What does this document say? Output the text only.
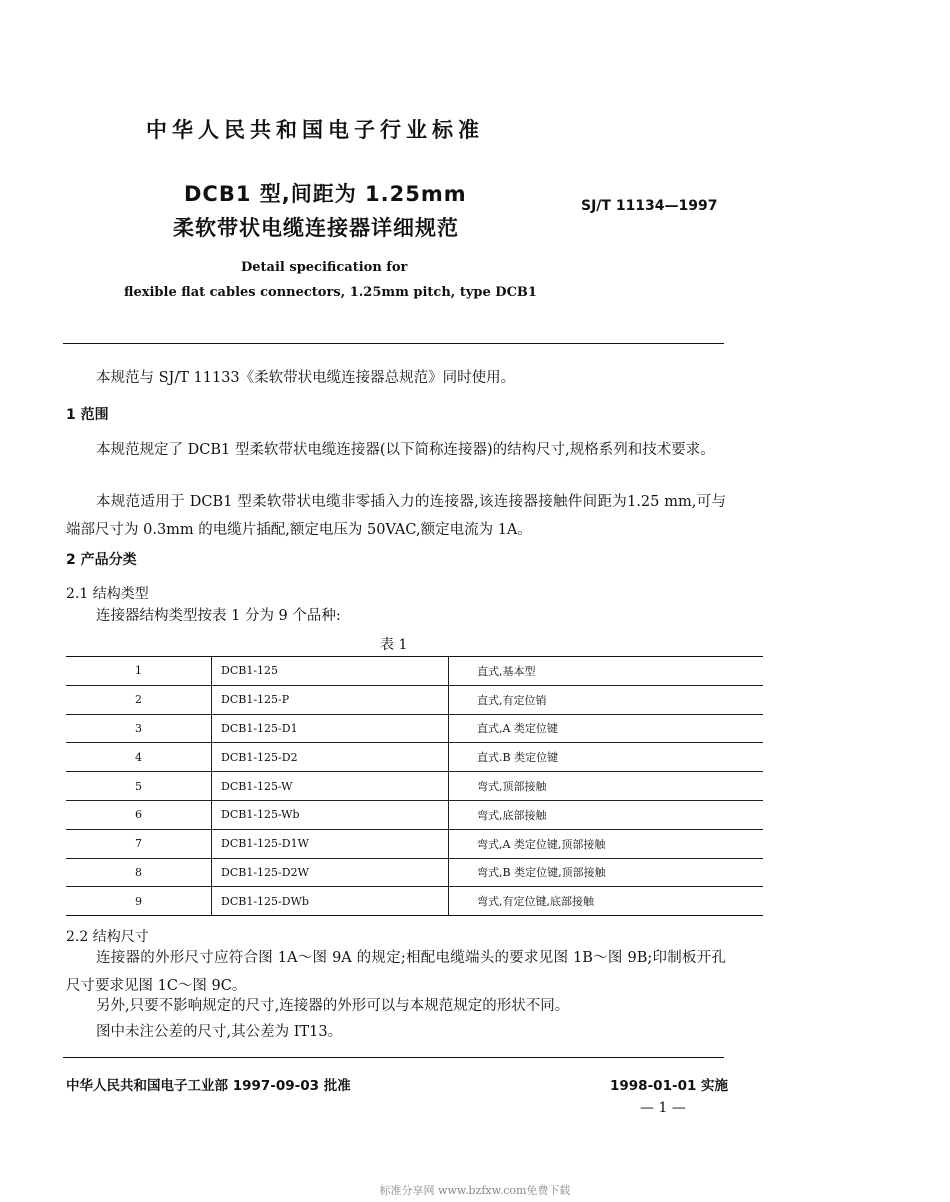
中华人民共和国电子行业标准
DCB1 型,间距为 1.25mm
柔软带状电缆连接器详细规范
SJ/T 11134—1997
Detail specification for
flexible flat cables connectors, 1.25mm pitch, type DCB1
本规范与 SJ/T 11133《柔软带状电缆连接器总规范》同时使用。
1 范围
本规范规定了 DCB1 型柔软带状电缆连接器(以下简称连接器)的结构尺寸,规格系列和技术要求。
本规范适用于 DCB1 型柔软带状电缆非零插入力的连接器,该连接器接触件间距为1.25 mm,可与端部尺寸为 0.3mm 的电缆片插配,额定电压为 50VAC,额定电流为 1A。
2 产品分类
2.1 结构类型
连接器结构类型按表 1 分为 9 个品种:
表 1
1	DCB1-125	直式,基本型
2	DCB1-125-P	直式,有定位销
3	DCB1-125-D1	直式,A 类定位键
4	DCB1-125-D2	直式.B 类定位键
5	DCB1-125-W	弯式,顶部接触
6	DCB1-125-Wb	弯式,底部接触
7	DCB1-125-D1W	弯式,A 类定位键,顶部接触
8	DCB1-125-D2W	弯式,B 类定位键,顶部接触
9	DCB1-125-DWb	弯式,有定位键,底部接触
2.2 结构尺寸
连接器的外形尺寸应符合图 1A～图 9A 的规定;相配电缆端头的要求见图 1B～图 9B;印制板开孔尺寸要求见图 1C～图 9C。
另外,只要不影响规定的尺寸,连接器的外形可以与本规范规定的形状不同。
图中未注公差的尺寸,其公差为 IT13。
中华人民共和国电子工业部 1997-09-03 批准	1998-01-01 实施
— 1 —
标准分享网 www.bzfxw.com免费下载
